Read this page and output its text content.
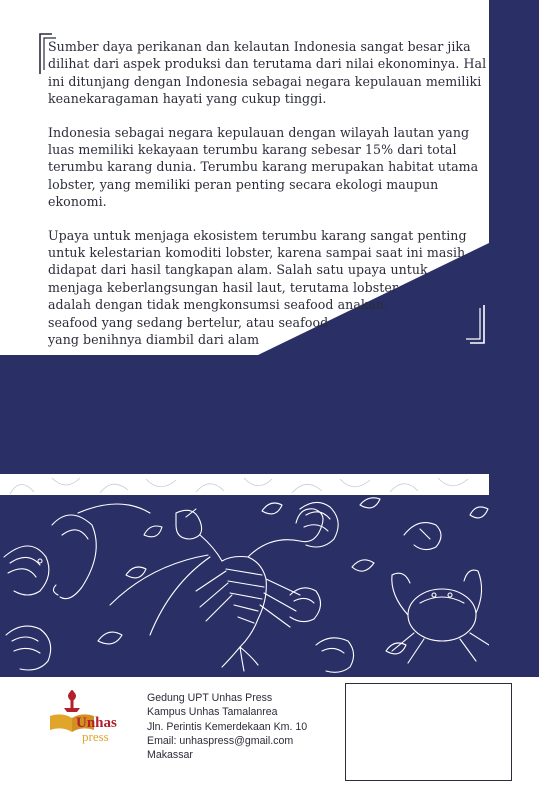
Sumber daya perikanan dan kelautan Indonesia sangat besar jika
dilihat dari aspek produksi dan terutama dari nilai ekonominya. Hal
ini ditunjang dengan Indonesia sebagai negara kepulauan memiliki
keanekaragaman hayati yang cukup tinggi.

Indonesia sebagai negara kepulauan dengan wilayah lautan yang
luas memiliki kekayaan terumbu karang sebesar 15% dari total
terumbu karang dunia. Terumbu karang merupakan habitat utama
lobster, yang memiliki peran penting secara ekologi maupun
ekonomi.

Upaya untuk menjaga ekosistem terumbu karang sangat penting
untuk kelestarian komoditi lobster, karena sampai saat ini masih
didapat dari hasil tangkapan alam. Salah satu upaya untuk
menjaga keberlangsungan hasil laut, terutama lobster
adalah dengan tidak mengkonsumsi seafood anakan,
seafood yang sedang bertelur, atau seafood
yang benihnya diambil dari alam

Unhas
press
Gedung UPT Unhas Press
Kampus Unhas Tamalanrea
Jln. Perintis Kemerdekaan Km. 10
Email: unhaspress@gmail.com
Makassar
